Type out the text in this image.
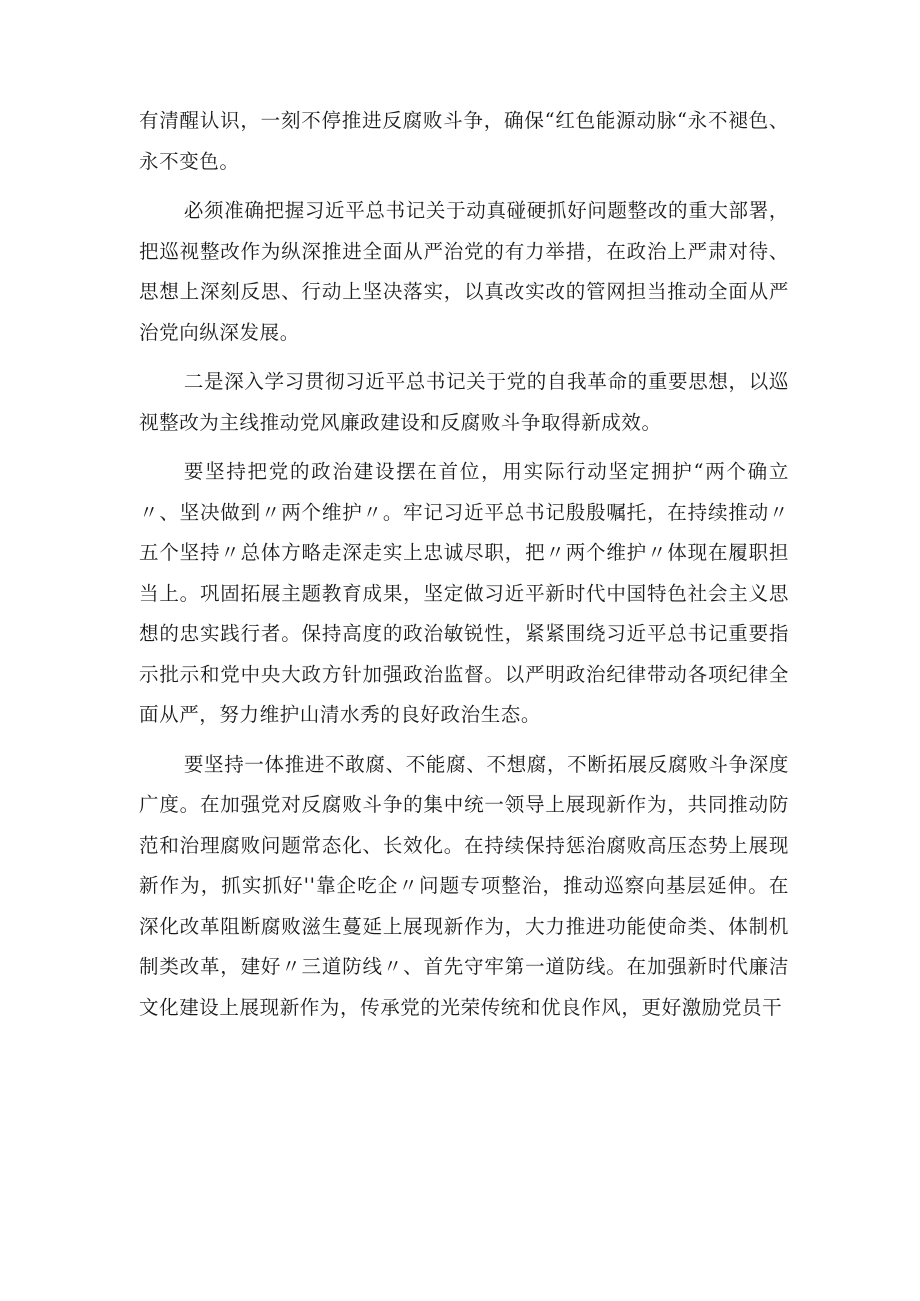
有清醒认识，一刻不停推进反腐败斗争，确保“红色能源动脉“永不褪色、永不变色。

必须准确把握习近平总书记关于动真碰硬抓好问题整改的重大部署，把巡视整改作为纵深推进全面从严治党的有力举措，在政治上严肃对待、思想上深刻反思、行动上坚决落实，以真改实改的管网担当推动全面从严治党向纵深发展。

二是深入学习贯彻习近平总书记关于党的自我革命的重要思想，以巡视整改为主线推动党风廉政建设和反腐败斗争取得新成效。

要坚持把党的政治建设摆在首位，用实际行动坚定拥护“两个确立〃、坚决做到〃两个维护〃。牢记习近平总书记殷殷嘱托，在持续推动〃五个坚持〃总体方略走深走实上忠诚尽职，把〃两个维护〃体现在履职担当上。巩固拓展主题教育成果，坚定做习近平新时代中国特色社会主义思想的忠实践行者。保持高度的政治敏锐性，紧紧围绕习近平总书记重要指示批示和党中央大政方针加强政治监督。以严明政治纪律带动各项纪律全面从严，努力维护山清水秀的良好政治生态。

要坚持一体推进不敢腐、不能腐、不想腐，不断拓展反腐败斗争深度广度。在加强党对反腐败斗争的集中统一领导上展现新作为，共同推动防范和治理腐败问题常态化、长效化。在持续保持惩治腐败高压态势上展现新作为，抓实抓好''靠企吃企〃问题专项整治，推动巡察向基层延伸。在深化改革阻断腐败滋生蔓延上展现新作为，大力推进功能使命类、体制机制类改革，建好〃三道防线〃、首先守牢第一道防线。在加强新时代廉洁文化建设上展现新作为，传承党的光荣传统和优良作风，更好激励党员干
